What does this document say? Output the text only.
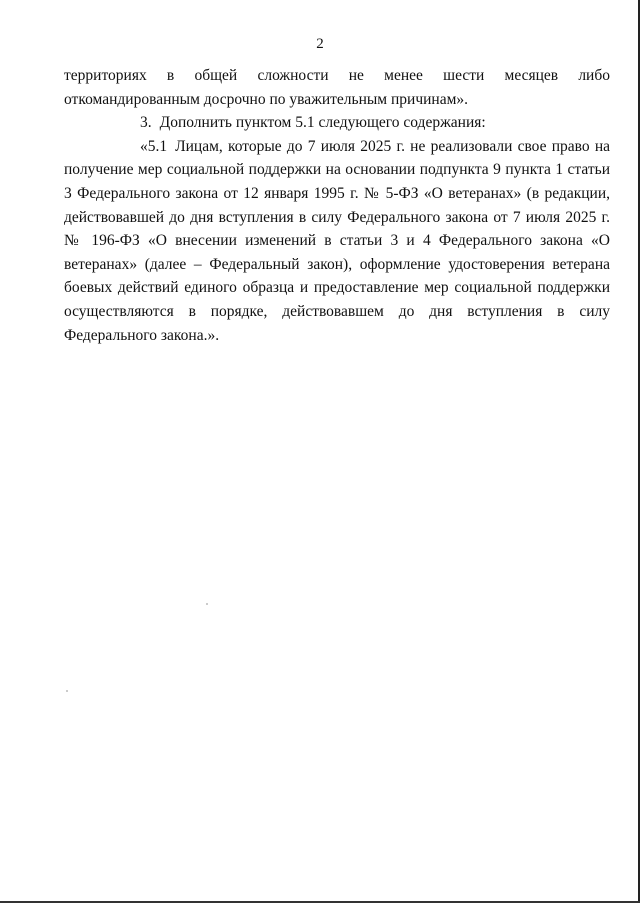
2

территориях в общей сложности не менее шести месяцев либо откомандированным досрочно по уважительным причинам».

3. Дополнить пунктом 5.1 следующего содержания:

«5.1 Лицам, которые до 7 июля 2025 г. не реализовали свое право на получение мер социальной поддержки на основании подпункта 9 пункта 1 статьи 3 Федерального закона от 12 января 1995 г. № 5-ФЗ «О ветеранах» (в редакции, действовавшей до дня вступления в силу Федерального закона от 7 июля 2025 г. № 196-ФЗ «О внесении изменений в статьи 3 и 4 Федерального закона «О ветеранах» (далее – Федеральный закон), оформление удостоверения ветерана боевых действий единого образца и предоставление мер социальной поддержки осуществляются в порядке, действовавшем до дня вступления в силу Федерального закона.».
